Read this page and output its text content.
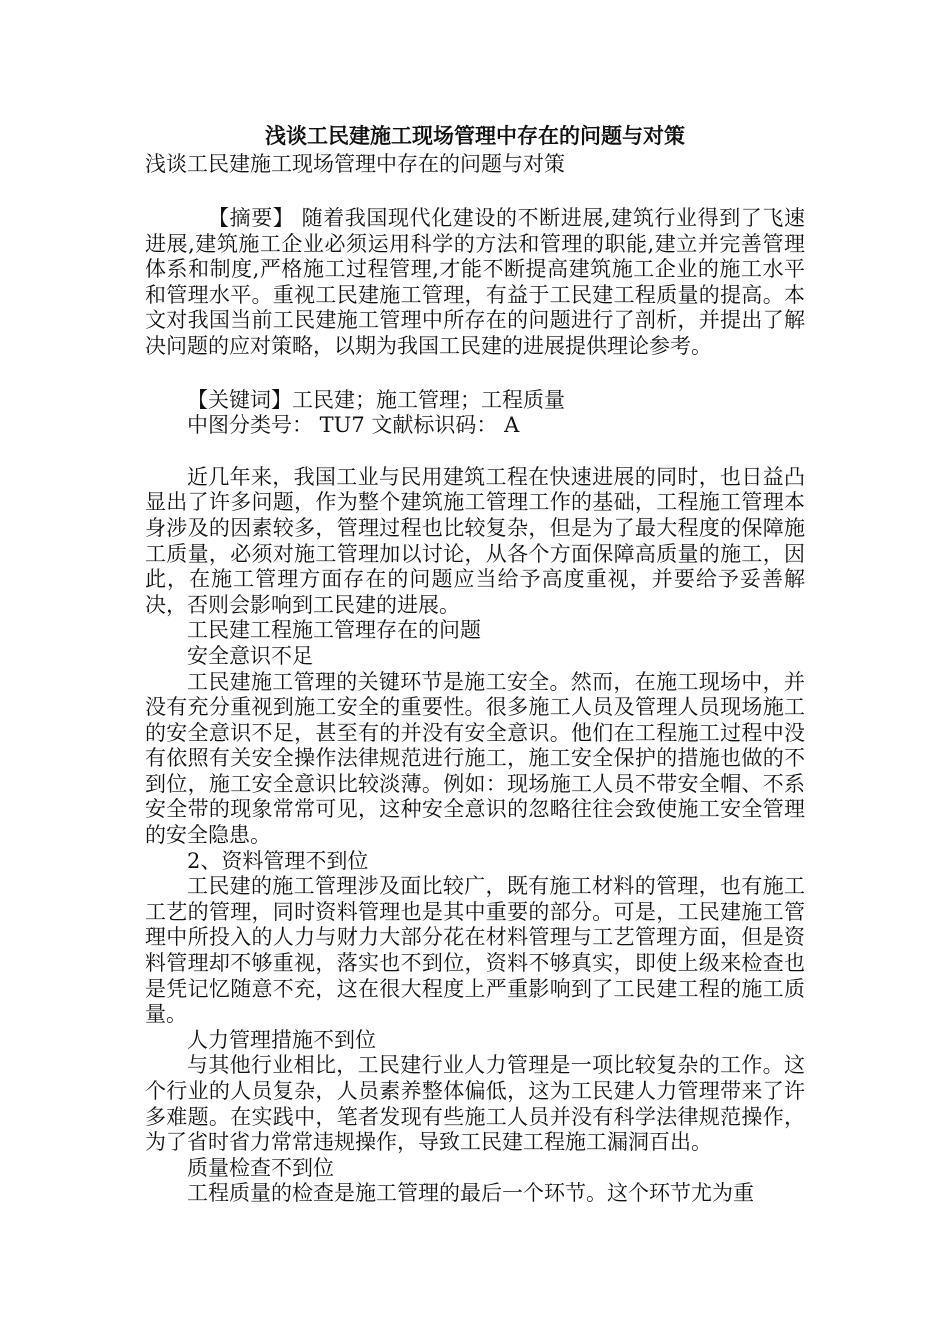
浅谈工民建施工现场管理中存在的问题与对策

浅谈工民建施工现场管理中存在的问题与对策

【摘要】 随着我国现代化建设的不断进展,建筑行业得到了飞速进展,建筑施工企业必须运用科学的方法和管理的职能,建立并完善管理体系和制度,严格施工过程管理,才能不断提高建筑施工企业的施工水平和管理水平。重视工民建施工管理，有益于工民建工程质量的提高。本文对我国当前工民建施工管理中所存在的问题进行了剖析，并提出了解决问题的应对策略，以期为我国工民建的进展提供理论参考。

【关键词】工民建；施工管理；工程质量

中图分类号： TU7 文献标识码： A

近几年来，我国工业与民用建筑工程在快速进展的同时，也日益凸显出了许多问题，作为整个建筑施工管理工作的基础，工程施工管理本身涉及的因素较多，管理过程也比较复杂，但是为了最大程度的保障施工质量，必须对施工管理加以讨论，从各个方面保障高质量的施工，因此，在施工管理方面存在的问题应当给予高度重视，并要给予妥善解决，否则会影响到工民建的进展。

工民建工程施工管理存在的问题

安全意识不足

工民建施工管理的关键环节是施工安全。然而，在施工现场中，并没有充分重视到施工安全的重要性。很多施工人员及管理人员现场施工的安全意识不足，甚至有的并没有安全意识。他们在工程施工过程中没有依照有关安全操作法律规范进行施工，施工安全保护的措施也做的不到位，施工安全意识比较淡薄。例如：现场施工人员不带安全帽、不系安全带的现象常常可见，这种安全意识的忽略往往会致使施工安全管理的安全隐患。

2、资料管理不到位

工民建的施工管理涉及面比较广，既有施工材料的管理，也有施工工艺的管理，同时资料管理也是其中重要的部分。可是，工民建施工管理中所投入的人力与财力大部分花在材料管理与工艺管理方面，但是资料管理却不够重视，落实也不到位，资料不够真实，即使上级来检查也是凭记忆随意不充，这在很大程度上严重影响到了工民建工程的施工质量。

人力管理措施不到位

与其他行业相比，工民建行业人力管理是一项比较复杂的工作。这个行业的人员复杂，人员素养整体偏低，这为工民建人力管理带来了许多难题。在实践中，笔者发现有些施工人员并没有科学法律规范操作，为了省时省力常常违规操作，导致工民建工程施工漏洞百出。

质量检查不到位

工程质量的检查是施工管理的最后一个环节。这个环节尤为重
